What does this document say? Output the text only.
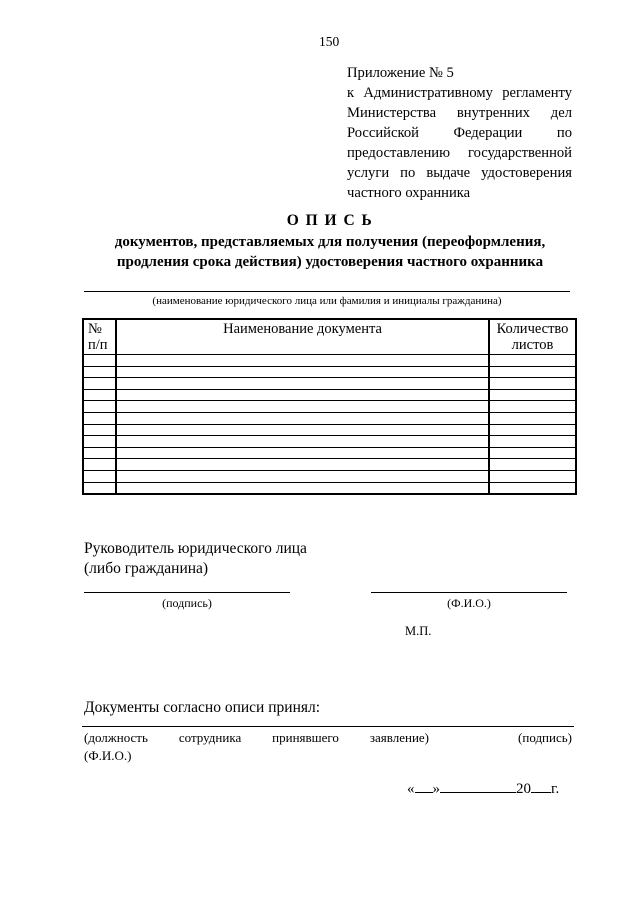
150
Приложение № 5
к Административному регламенту
Министерства внутренних дел
Российской Федерации по
предоставлению государственной
услуги по выдаче удостоверения
частного охранника
О П И С Ь
документов, представляемых для получения (переоформления,
продления срока действия) удостоверения частного охранника
(наименование юридического лица или фамилия и инициалы гражданина)
№ п/п	Наименование документа	Количество листов

Руководитель юридического лица
(либо гражданина)
(подпись)	(Ф.И.О.)
М.П.
Документы согласно описи принял:
(должность сотрудника принявшего заявление)	(подпись)
(Ф.И.О.)
« »	20 г.
